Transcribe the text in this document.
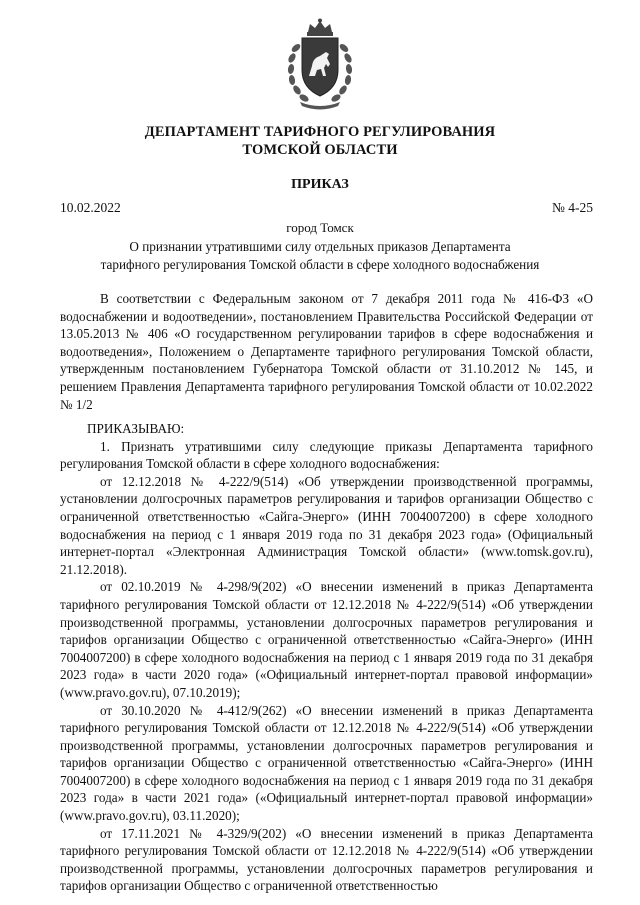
ДЕПАРТАМЕНТ ТАРИФНОГО РЕГУЛИРОВАНИЯ
ТОМСКОЙ ОБЛАСТИ
ПРИКАЗ
10.02.2022	№ 4-25
город Томск
О признании утратившими силу отдельных приказов Департамента тарифного регулирования Томской области в сфере холодного водоснабжения

В соответствии с Федеральным законом от 7 декабря 2011 года № 416-ФЗ «О водоснабжении и водоотведении», постановлением Правительства Российской Федерации от 13.05.2013 № 406 «О государственном регулировании тарифов в сфере водоснабжения и водоотведения», Положением о Департаменте тарифного регулирования Томской области, утвержденным постановлением Губернатора Томской области от 31.10.2012 № 145, и решением Правления Департамента тарифного регулирования Томской области от 10.02.2022 № 1/2

ПРИКАЗЫВАЮ:

1. Признать утратившими силу следующие приказы Департамента тарифного регулирования Томской области в сфере холодного водоснабжения:

от 12.12.2018 № 4-222/9(514) «Об утверждении производственной программы, установлении долгосрочных параметров регулирования и тарифов организации Общество с ограниченной ответственностью «Сайга-Энерго» (ИНН 7004007200) в сфере холодного водоснабжения на период с 1 января 2019 года по 31 декабря 2023 года» (Официальный интернет-портал «Электронная Администрация Томской области» (www.tomsk.gov.ru), 21.12.2018).

от 02.10.2019 № 4-298/9(202) «О внесении изменений в приказ Департамента тарифного регулирования Томской области от 12.12.2018 № 4-222/9(514) «Об утверждении производственной программы, установлении долгосрочных параметров регулирования и тарифов организации Общество с ограниченной ответственностью «Сайга-Энерго» (ИНН 7004007200) в сфере холодного водоснабжения на период с 1 января 2019 года по 31 декабря 2023 года» в части 2020 года» («Официальный интернет-портал правовой информации» (www.pravo.gov.ru), 07.10.2019);

от 30.10.2020 № 4-412/9(262) «О внесении изменений в приказ Департамента тарифного регулирования Томской области от 12.12.2018 № 4-222/9(514) «Об утверждении производственной программы, установлении долгосрочных параметров регулирования и тарифов организации Общество с ограниченной ответственностью «Сайга-Энерго» (ИНН 7004007200) в сфере холодного водоснабжения на период с 1 января 2019 года по 31 декабря 2023 года» в части 2021 года» («Официальный интернет-портал правовой информации» (www.pravo.gov.ru), 03.11.2020);

от 17.11.2021 № 4-329/9(202) «О внесении изменений в приказ Департамента тарифного регулирования Томской области от 12.12.2018 № 4-222/9(514) «Об утверждении производственной программы, установлении долгосрочных параметров регулирования и тарифов организации Общество с ограниченной ответственностью
